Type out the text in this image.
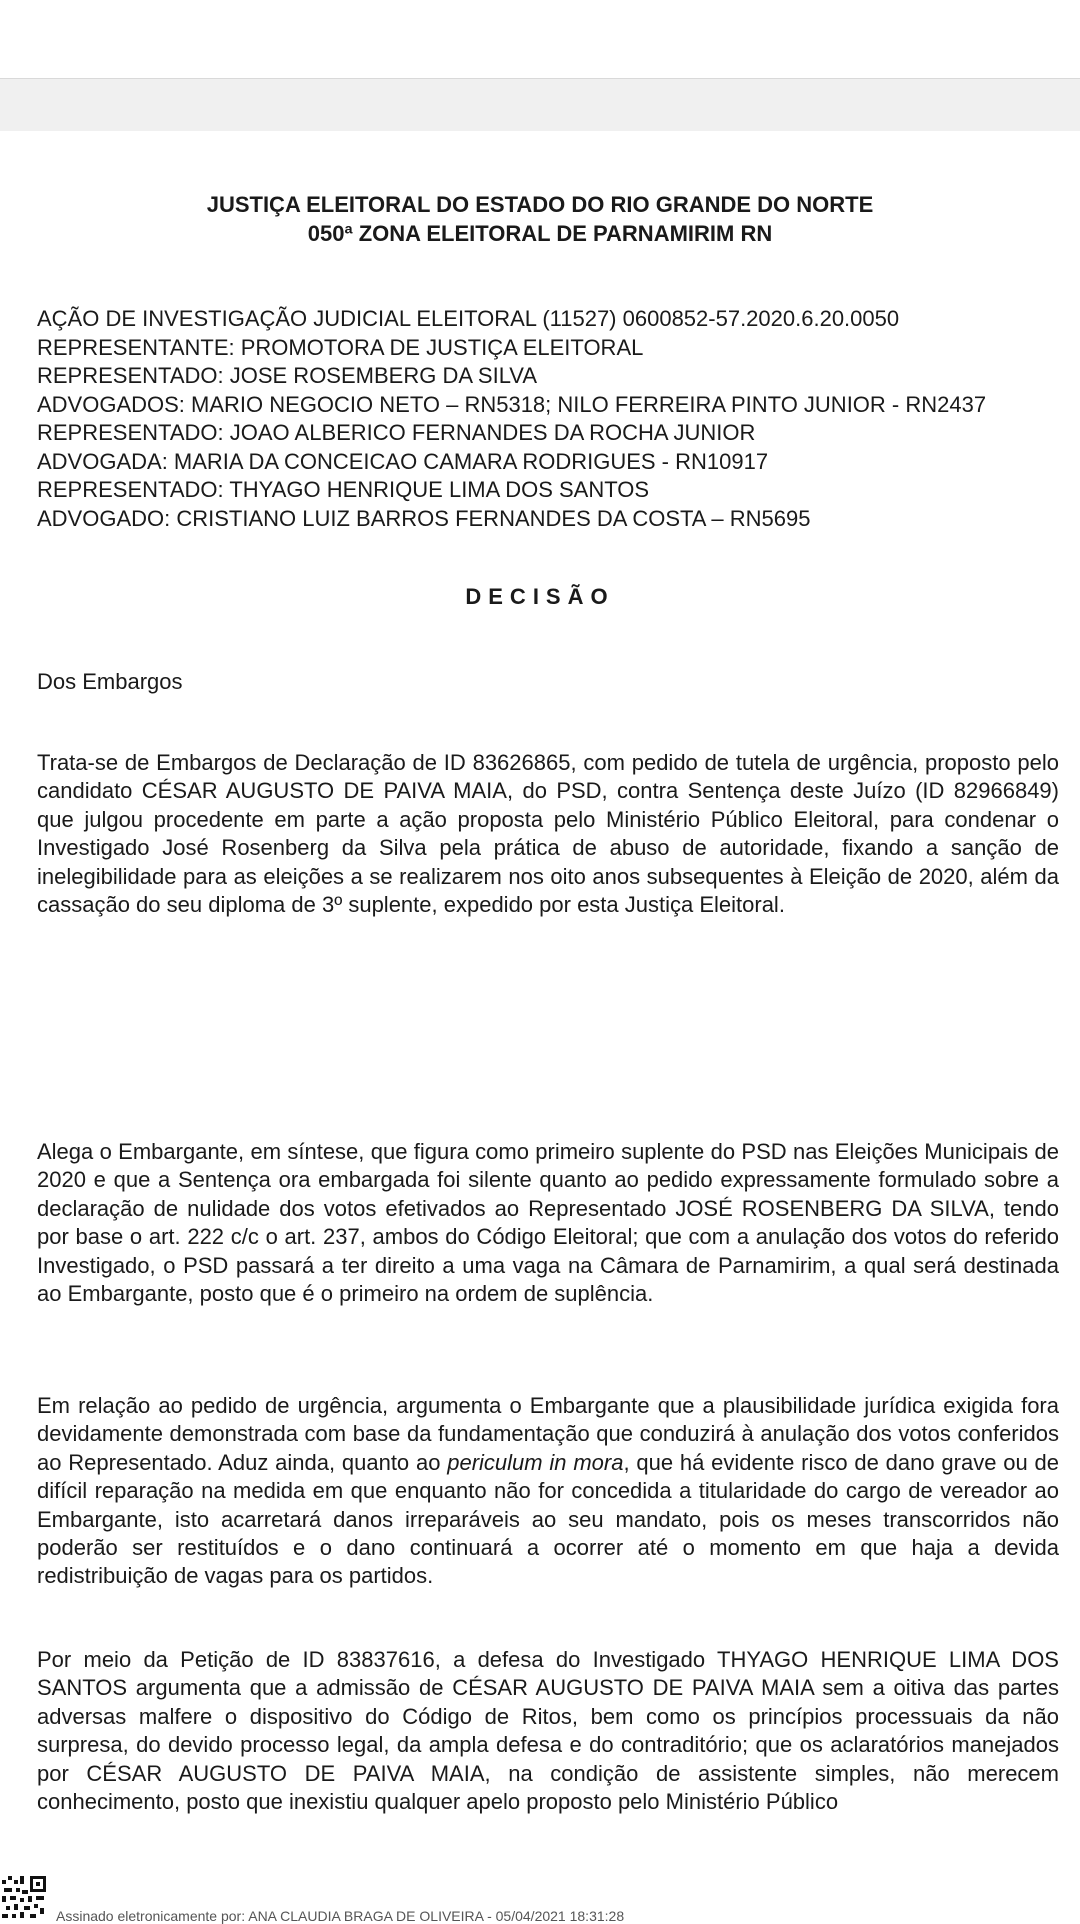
JUSTIÇA ELEITORAL DO ESTADO DO RIO GRANDE DO NORTE
050ª ZONA ELEITORAL DE PARNAMIRIM RN
AÇÃO DE INVESTIGAÇÃO JUDICIAL ELEITORAL (11527) 0600852-57.2020.6.20.0050
REPRESENTANTE: PROMOTORA DE JUSTIÇA ELEITORAL
REPRESENTADO: JOSE ROSEMBERG DA SILVA
ADVOGADOS: MARIO NEGOCIO NETO – RN5318; NILO FERREIRA PINTO JUNIOR - RN2437
REPRESENTADO: JOAO ALBERICO FERNANDES DA ROCHA JUNIOR
ADVOGADA: MARIA DA CONCEICAO CAMARA RODRIGUES - RN10917
REPRESENTADO: THYAGO HENRIQUE LIMA DOS SANTOS
ADVOGADO: CRISTIANO LUIZ BARROS FERNANDES DA COSTA – RN5695
DECISÃO
Dos Embargos

Trata-se de Embargos de Declaração de ID 83626865, com pedido de tutela de urgência, proposto pelo candidato CÉSAR AUGUSTO DE PAIVA MAIA, do PSD, contra Sentença deste Juízo (ID 82966849) que julgou procedente em parte a ação proposta pelo Ministério Público Eleitoral, para condenar o Investigado José Rosenberg da Silva pela prática de abuso de autoridade, fixando a sanção de inelegibilidade para as eleições a se realizarem nos oito anos subsequentes à Eleição de 2020, além da cassação do seu diploma de 3º suplente, expedido por esta Justiça Eleitoral.

Alega o Embargante, em síntese, que figura como primeiro suplente do PSD nas Eleições Municipais de 2020 e que a Sentença ora embargada foi silente quanto ao pedido expressamente formulado sobre a declaração de nulidade dos votos efetivados ao Representado JOSÉ ROSENBERG DA SILVA, tendo por base o art. 222 c/c o art. 237, ambos do Código Eleitoral; que com a anulação dos votos do referido Investigado, o PSD passará a ter direito a uma vaga na Câmara de Parnamirim, a qual será destinada ao Embargante, posto que é o primeiro na ordem de suplência.

Em relação ao pedido de urgência, argumenta o Embargante que a plausibilidade jurídica exigida fora devidamente demonstrada com base da fundamentação que conduzirá à anulação dos votos conferidos ao Representado. Aduz ainda, quanto ao periculum in mora, que há evidente risco de dano grave ou de difícil reparação na medida em que enquanto não for concedida a titularidade do cargo de vereador ao Embargante, isto acarretará danos irreparáveis ao seu mandato, pois os meses transcorridos não poderão ser restituídos e o dano continuará a ocorrer até o momento em que haja a devida redistribuição de vagas para os partidos.

Por meio da Petição de ID 83837616, a defesa do Investigado THYAGO HENRIQUE LIMA DOS SANTOS argumenta que a admissão de CÉSAR AUGUSTO DE PAIVA MAIA sem a oitiva das partes adversas malfere o dispositivo do Código de Ritos, bem como os princípios processuais da não surpresa, do devido processo legal, da ampla defesa e do contraditório; que os aclaratórios manejados por CÉSAR AUGUSTO DE PAIVA MAIA, na condição de assistente simples, não merecem conhecimento, posto que inexistiu qualquer apelo proposto pelo Ministério Público

Assinado eletronicamente por: ANA CLAUDIA BRAGA DE OLIVEIRA - 05/04/2021 18:31:28
